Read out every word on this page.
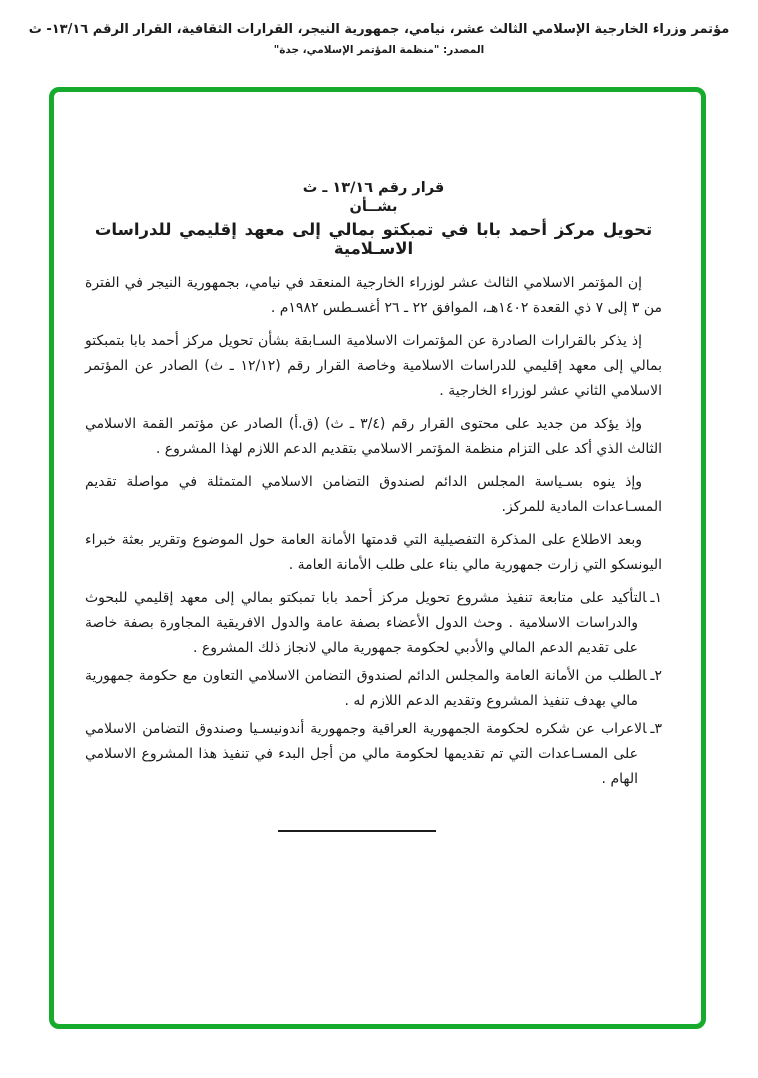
مؤتمر وزراء الخارجية الإسلامي الثالث عشر، نيامي، جمهورية النيجر، القرارات الثقافية، القرار الرقم ١٣/١٦- ث
المصدر: "منظمة المؤتمر الإسلامي، جدة"
قرار رقم ١٣/١٦ ـ ث
بشــأن
تحويل مركز أحمد بابا في تمبكتو بمالي إلى معهد إقليمي للدراسات الاسـلامية

إن المؤتمر الاسلامي الثالث عشر لوزراء الخارجية المنعقد في نيامي، بجمهورية النيجر في الفترة من ٣ إلى ٧ ذي القعدة ١٤٠٢هـ، الموافق ٢٢ ـ ٢٦ أغسـطس ١٩٨٢م .

إذ يذكر بالقرارات الصادرة عن المؤتمرات الاسلامية السـابقة بشأن تحويل مركز أحمد بابا بتمبكتو بمالي إلى معهد إقليمي للدراسات الاسلامية وخاصة القرار رقم (١٢/١٢ ـ ث) الصادر عن المؤتمر الاسلامي الثاني عشر لوزراء الخارجية .

وإذ يؤكد من جديد على محتوى القرار رقم (٣/٤ ـ ث) (ق.أ) الصادر عن مؤتمر القمة الاسلامي الثالث الذي أكد على التزام منظمة المؤتمر الاسلامي بتقديم الدعم اللازم لهذا المشروع .

وإذ ينوه بسـياسة المجلس الدائم لصندوق التضامن الاسلامي المتمثلة في مواصلة تقديم المسـاعدات المادية للمركز.

وبعد الاطلاع على المذكرة التفصيلية التي قدمتها الأمانة العامة حول الموضوع وتقرير بعثة خبراء اليونسكو التي زارت جمهورية مالي بناء على طلب الأمانة العامة .

١ـالتأكيد على متابعة تنفيذ مشروع تحويل مركز أحمد بابا تمبكتو بمالي إلى معهد إقليمي للبحوث والدراسات الاسلامية . وحث الدول الأعضاء بصفة عامة والدول الافريقية المجاورة بصفة خاصة على تقديم الدعم المالي والأدبي لحكومة جمهورية مالي لانجاز ذلك المشروع .
٢ـالطلب من الأمانة العامة والمجلس الدائم لصندوق التضامن الاسلامي التعاون مع حكومة جمهورية مالي بهدف تنفيذ المشروع وتقديم الدعم اللازم له .
٣ـالاعراب عن شكره لحكومة الجمهورية العراقية وجمهورية أندونيسـيا وصندوق التضامن الاسلامي على المسـاعدات التي تم تقديمها لحكومة مالي من أجل البدء في تنفيذ هذا المشروع الاسلامي الهام .
